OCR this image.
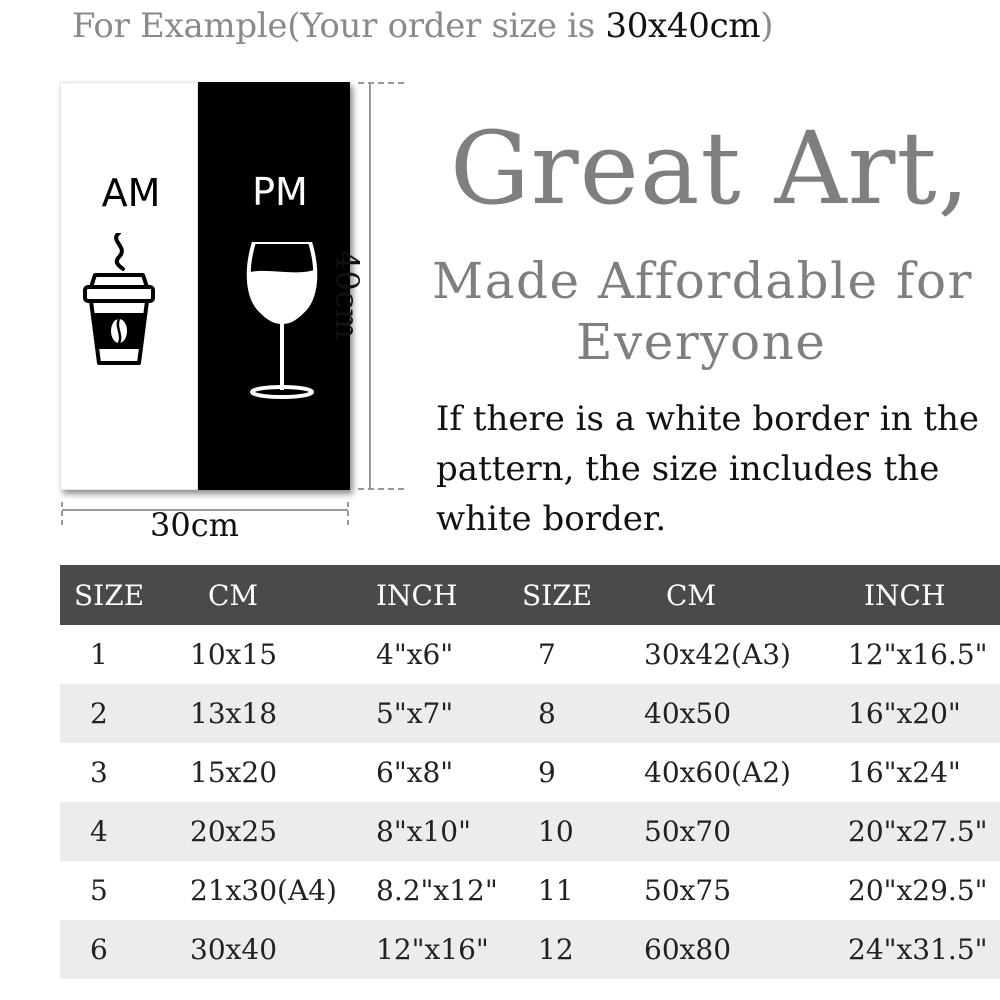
For Example(Your order size is 30x40cm)
AM	PM
40cm
30cm
Great Art,
Made Affordable for
Everyone
If there is a white border in the pattern, the size includes the white border.
SIZE	CM	INCH	SIZE	CM	INCH
1	10x15	4"x6"	7	30x42(A3)	12"x16.5"
2	13x18	5"x7"	8	40x50	16"x20"
3	15x20	6"x8"	9	40x60(A2)	16"x24"
4	20x25	8"x10"	10	50x70	20"x27.5"
5	21x30(A4)	8.2"x12"	11	50x75	20"x29.5"
6	30x40	12"x16"	12	60x80	24"x31.5"
